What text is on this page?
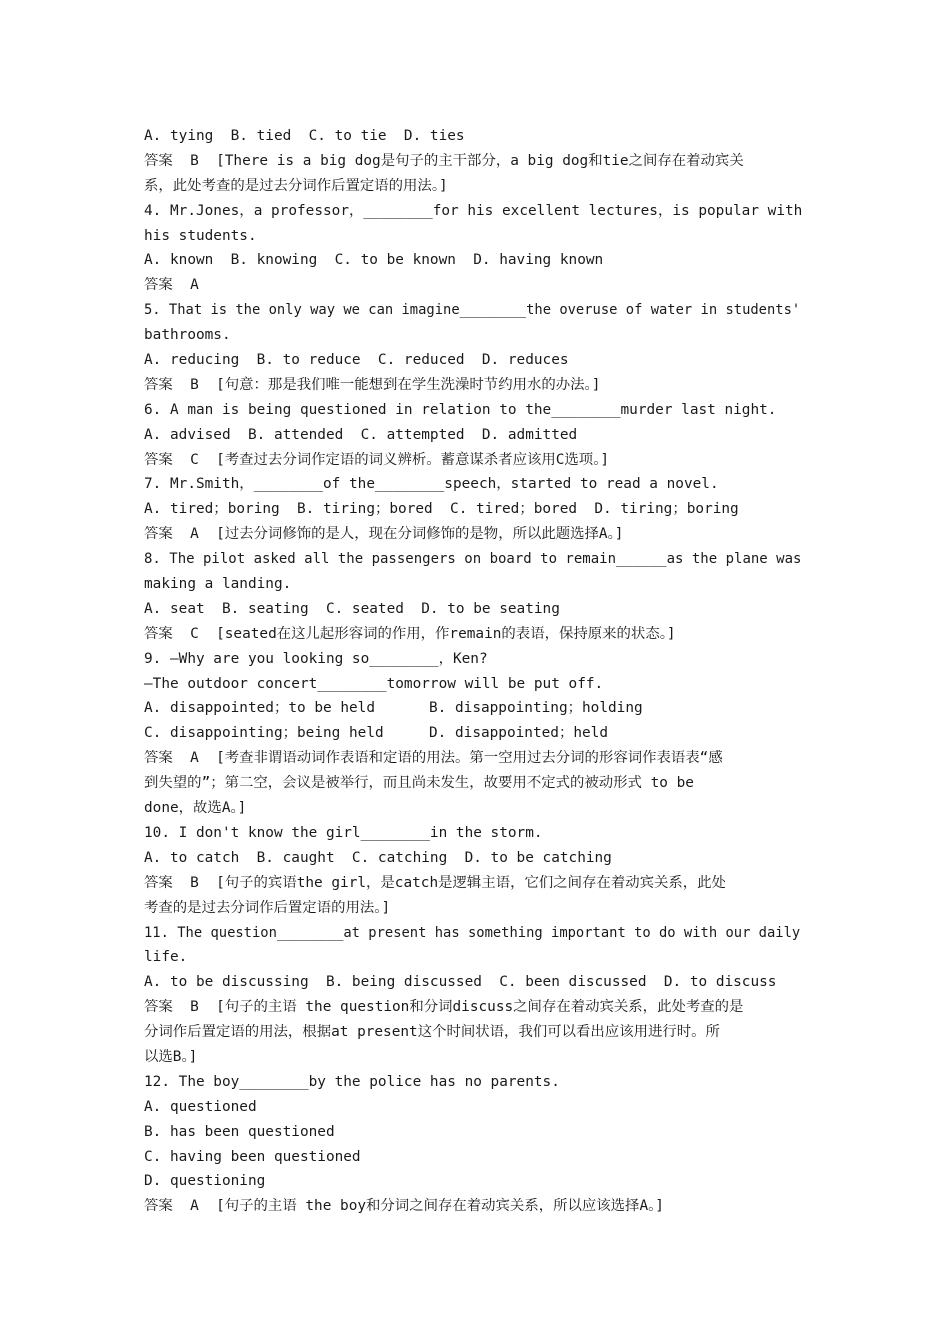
A. tying  B. tied  C. to tie  D. ties
答案  B  [There is a big dog是句子的主干部分，a big dog和tie之间存在着动宾关
系，此处考查的是过去分词作后置定语的用法。]
4. Mr.Jones，a professor，________for his excellent lectures，is popular with
his students.
A. known  B. knowing  C. to be known  D. having known
答案  A
5. That is the only way we can imagine________the overuse of water in students'
bathrooms.
A. reducing  B. to reduce  C. reduced  D. reduces
答案  B  [句意：那是我们唯一能想到在学生洗澡时节约用水的办法。]
6. A man is being questioned in relation to the________murder last night.
A. advised  B. attended  C. attempted  D. admitted
答案  C  [考查过去分词作定语的词义辨析。蓄意谋杀者应该用C选项。]
7. Mr.Smith，________of the________speech，started to read a novel.
A. tired；boring  B. tiring；bored  C. tired；bored  D. tiring；boring
答案  A  [过去分词修饰的是人，现在分词修饰的是物，所以此题选择A。]
8. The pilot asked all the passengers on board to remain______as the plane was
making a landing.
A. seat  B. seating  C. seated  D. to be seating
答案  C  [seated在这儿起形容词的作用，作remain的表语，保持原来的状态。]
9. —Why are you looking so________，Ken?
—The outdoor concert________tomorrow will be put off.
A. disappointed；to be held	B. disappointing；holding
C. disappointing；being held	D. disappointed；held
答案  A  [考查非谓语动词作表语和定语的用法。第一空用过去分词的形容词作表语表“感
到失望的”；第二空，会议是被举行，而且尚未发生，故要用不定式的被动形式 to be
done，故选A。]
10. I don't know the girl________in the storm.
A. to catch  B. caught  C. catching  D. to be catching
答案  B  [句子的宾语the girl，是catch是逻辑主语，它们之间存在着动宾关系，此处
考查的是过去分词作后置定语的用法。]
11. The question________at present has something important to do with our daily
life.
A. to be discussing  B. being discussed  C. been discussed  D. to discuss
答案  B  [句子的主语 the question和分词discuss之间存在着动宾关系，此处考查的是
分词作后置定语的用法，根据at present这个时间状语，我们可以看出应该用进行时。所
以选B。]
12. The boy________by the police has no parents.
A. questioned
B. has been questioned
C. having been questioned
D. questioning
答案  A  [句子的主语 the boy和分词之间存在着动宾关系，所以应该选择A。]
